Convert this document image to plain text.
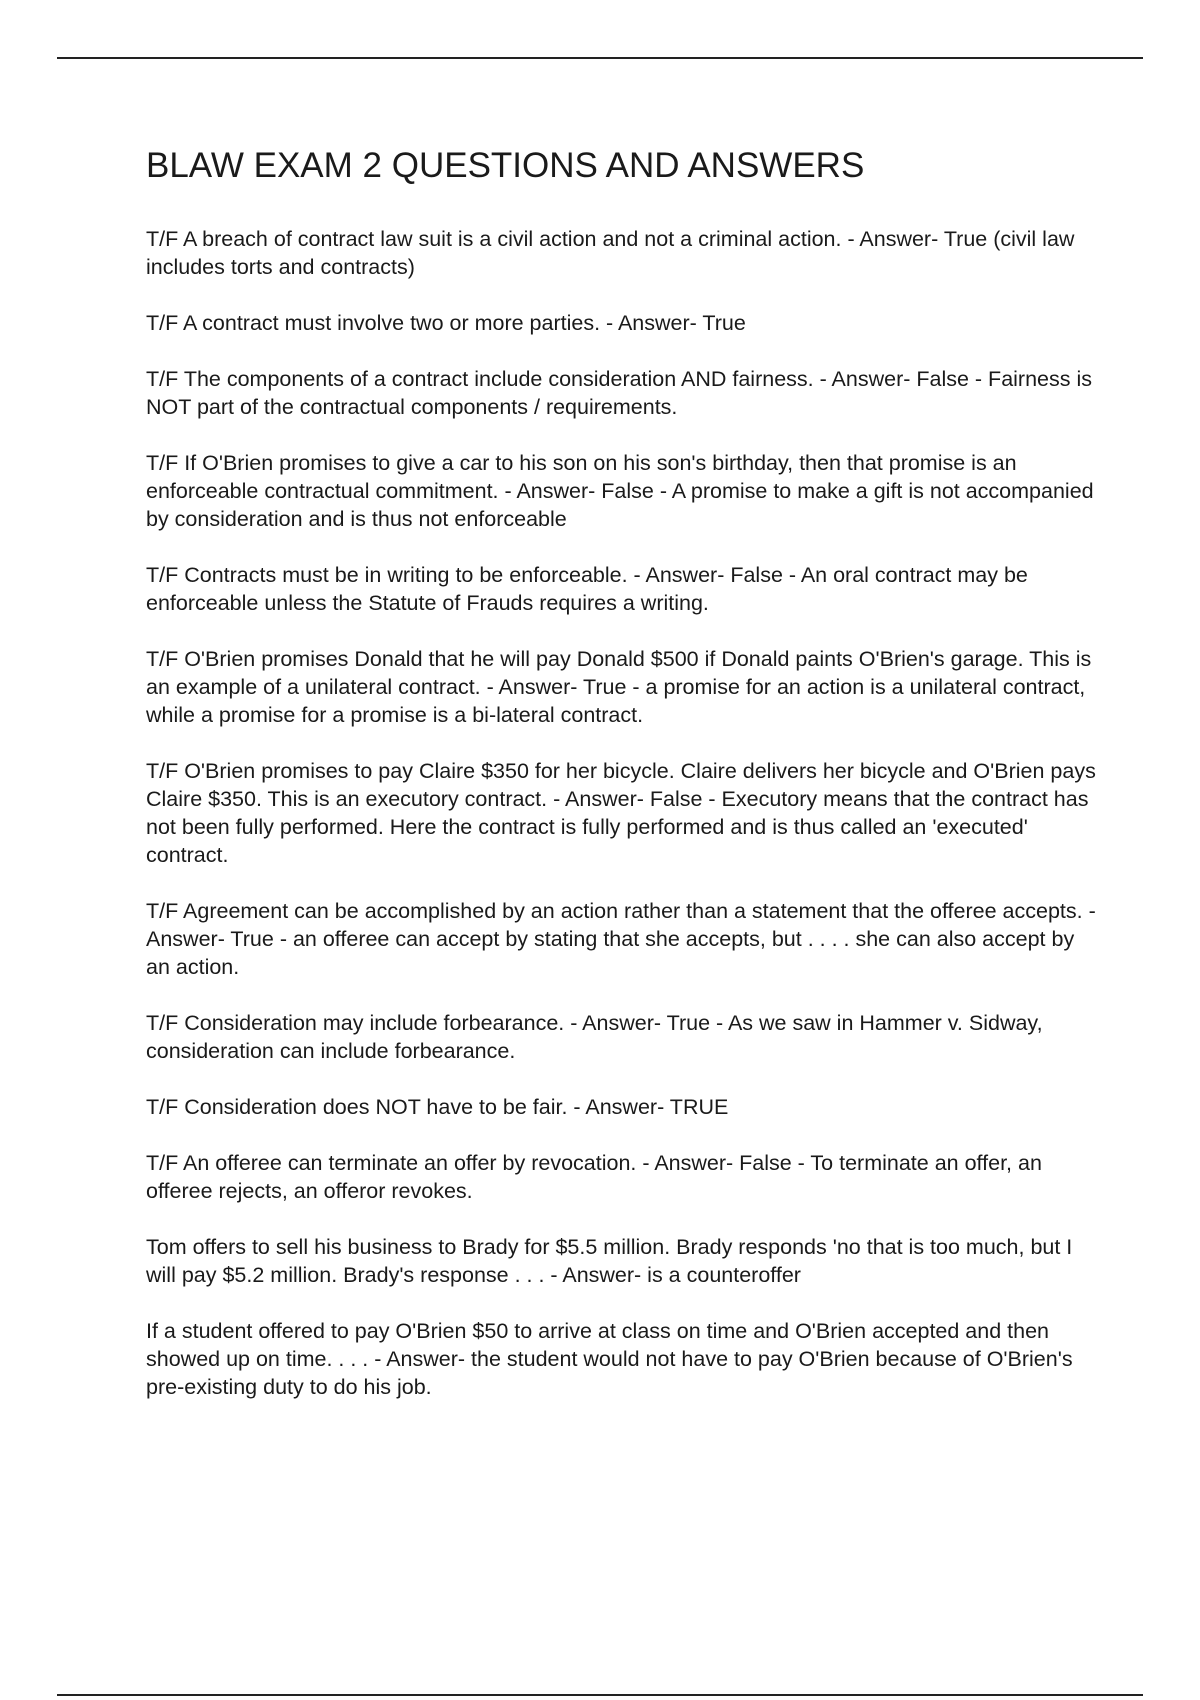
BLAW EXAM 2 QUESTIONS AND ANSWERS
T/F A breach of contract law suit is a civil action and not a criminal action. - Answer- True (civil law includes torts and contracts)
T/F A contract must involve two or more parties. - Answer- True
T/F The components of a contract include consideration AND fairness. - Answer- False - Fairness is NOT part of the contractual components / requirements.
T/F If O'Brien promises to give a car to his son on his son's birthday, then that promise is an enforceable contractual commitment. - Answer- False - A promise to make a gift is not accompanied by consideration and is thus not enforceable
T/F Contracts must be in writing to be enforceable. - Answer- False - An oral contract may be enforceable unless the Statute of Frauds requires a writing.
T/F O'Brien promises Donald that he will pay Donald $500 if Donald paints O'Brien's garage. This is an example of a unilateral contract. - Answer- True - a promise for an action is a unilateral contract, while a promise for a promise is a bi-lateral contract.
T/F O'Brien promises to pay Claire $350 for her bicycle. Claire delivers her bicycle and O'Brien pays Claire $350. This is an executory contract. - Answer- False - Executory means that the contract has not been fully performed. Here the contract is fully performed and is thus called an 'executed' contract.
T/F Agreement can be accomplished by an action rather than a statement that the offeree accepts. - Answer- True - an offeree can accept by stating that she accepts, but . . . . she can also accept by an action.
T/F Consideration may include forbearance. - Answer- True - As we saw in Hammer v. Sidway, consideration can include forbearance.
T/F Consideration does NOT have to be fair. - Answer- TRUE
T/F An offeree can terminate an offer by revocation. - Answer- False - To terminate an offer, an offeree rejects, an offeror revokes.
Tom offers to sell his business to Brady for $5.5 million. Brady responds 'no that is too much, but I will pay $5.2 million. Brady's response . . . - Answer- is a counteroffer
If a student offered to pay O'Brien $50 to arrive at class on time and O'Brien accepted and then showed up on time. . . . - Answer- the student would not have to pay O'Brien because of O'Brien's pre-existing duty to do his job.
